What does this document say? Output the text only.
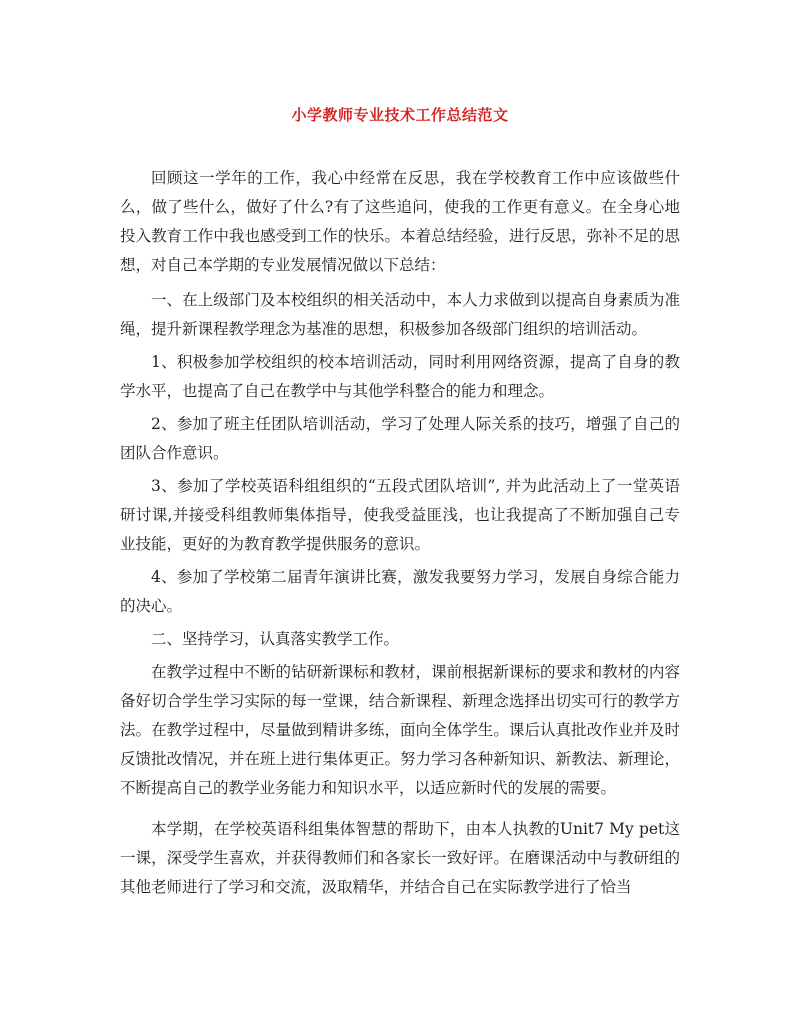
小学教师专业技术工作总结范文

回顾这一学年的工作，我心中经常在反思，我在学校教育工作中应该做些什么，做了些什么，做好了什么?有了这些追问，使我的工作更有意义。在全身心地投入教育工作中我也感受到工作的快乐。本着总结经验，进行反思，弥补不足的思想，对自己本学期的专业发展情况做以下总结：

一、在上级部门及本校组织的相关活动中，本人力求做到以提高自身素质为准绳，提升新课程教学理念为基准的思想，积极参加各级部门组织的培训活动。

1、积极参加学校组织的校本培训活动，同时利用网络资源，提高了自身的教学水平，也提高了自己在教学中与其他学科整合的能力和理念。

2、参加了班主任团队培训活动，学习了处理人际关系的技巧，增强了自己的团队合作意识。

3、参加了学校英语科组组织的“五段式团队培训”, 并为此活动上了一堂英语研讨课,并接受科组教师集体指导，使我受益匪浅，也让我提高了不断加强自己专业技能，更好的为教育教学提供服务的意识。

4、参加了学校第二届青年演讲比赛，激发我要努力学习，发展自身综合能力的决心。

二、坚持学习，认真落实教学工作。

在教学过程中不断的钻研新课标和教材，课前根据新课标的要求和教材的内容备好切合学生学习实际的每一堂课，结合新课程、新理念选择出切实可行的教学方法。在教学过程中，尽量做到精讲多练，面向全体学生。课后认真批改作业并及时反馈批改情况，并在班上进行集体更正。努力学习各种新知识、新教法、新理论，不断提高自己的教学业务能力和知识水平，以适应新时代的发展的需要。

本学期，在学校英语科组集体智慧的帮助下，由本人执教的Unit7 My pet这一课，深受学生喜欢，并获得教师们和各家长一致好评。在磨课活动中与教研组的其他老师进行了学习和交流，汲取精华，并结合自己在实际教学进行了恰当
